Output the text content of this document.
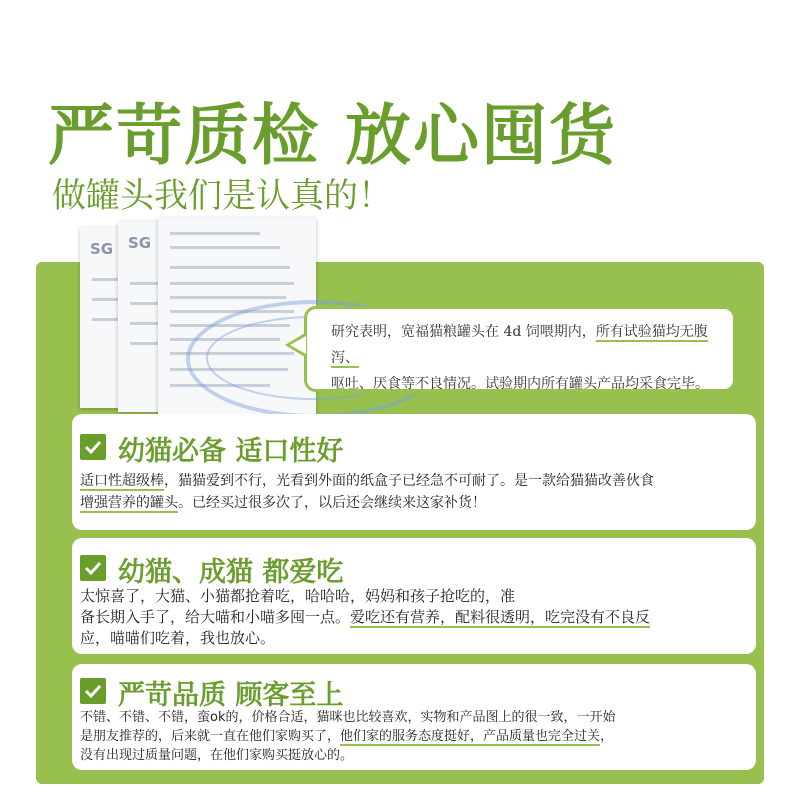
严苛质检 放心囤货
做罐头我们是认真的！
SG SG
研究表明，宽福猫粮罐头在 4d 饲喂期内，所有试验猫均无腹泻、
呕吐、厌食等不良情况。试验期内所有罐头产品均采食完毕。
幼猫必备 适口性好
适口性超级棒，猫猫爱到不行，光看到外面的纸盒子已经急不可耐了。是一款给猫猫改善伙食
增强营养的罐头。已经买过很多次了，以后还会继续来这家补货！
幼猫、成猫 都爱吃
太惊喜了，大猫、小猫都抢着吃，哈哈哈，妈妈和孩子抢吃的，准
备长期入手了，给大喵和小喵多囤一点。爱吃还有营养，配料很透明，吃完没有不良反
应，喵喵们吃着，我也放心。
严苛品质 顾客至上
不错、不错、不错，蛮ok的，价格合适，猫咪也比较喜欢，实物和产品图上的很一致，一开始
是朋友推荐的，后来就一直在他们家购买了，他们家的服务态度挺好，产品质量也完全过关，
没有出现过质量问题，在他们家购买挺放心的。
